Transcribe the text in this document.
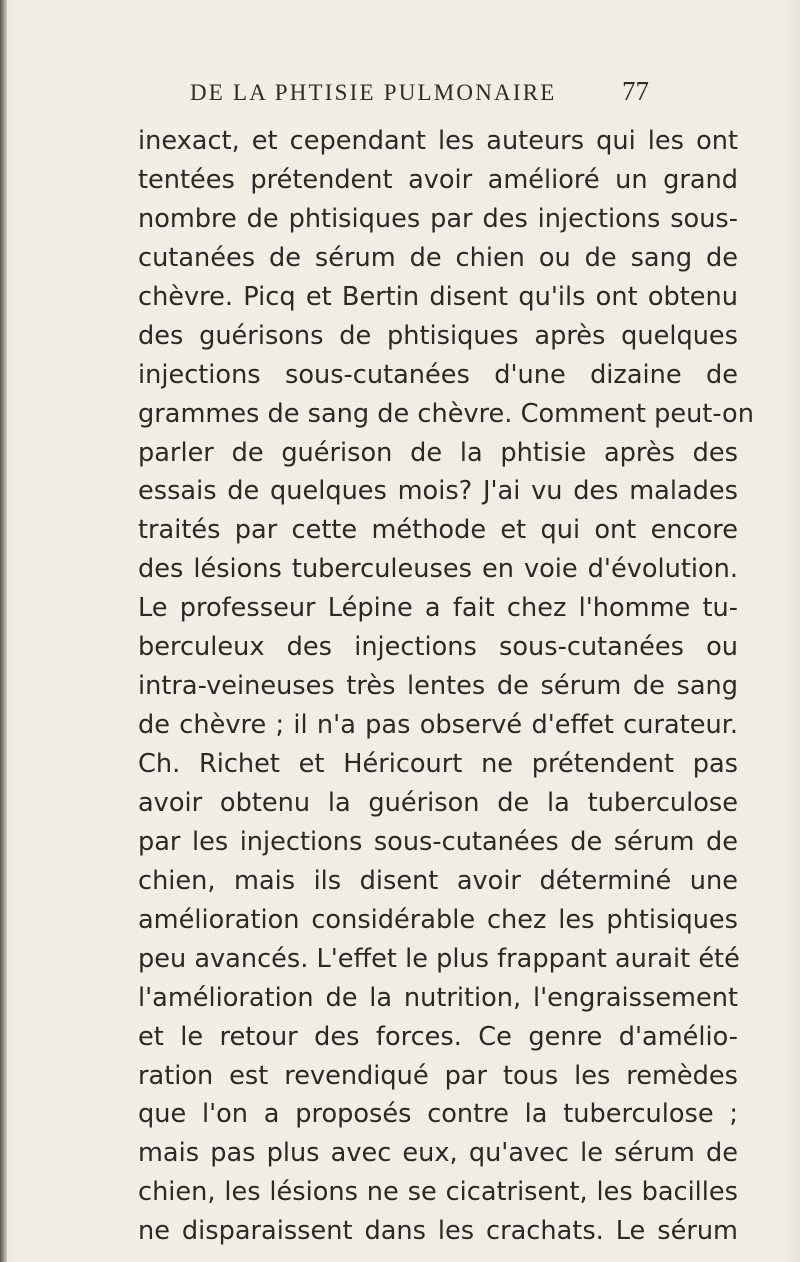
DE LA PHTISIE PULMONAIRE 77
inexact, et cependant les auteurs qui les ont
tentées prétendent avoir amélioré un grand
nombre de phtisiques par des injections sous-
cutanées de sérum de chien ou de sang de
chèvre. Picq et Bertin disent qu'ils ont obtenu
des guérisons de phtisiques après quelques
injections sous-cutanées d'une dizaine de
grammes de sang de chèvre. Comment peut-on
parler de guérison de la phtisie après des
essais de quelques mois? J'ai vu des malades
traités par cette méthode et qui ont encore
des lésions tuberculeuses en voie d'évolution.
Le professeur Lépine a fait chez l'homme tu-
berculeux des injections sous-cutanées ou
intra-veineuses très lentes de sérum de sang
de chèvre ; il n'a pas observé d'effet curateur.
Ch. Richet et Héricourt ne prétendent pas
avoir obtenu la guérison de la tuberculose
par les injections sous-cutanées de sérum de
chien, mais ils disent avoir déterminé une
amélioration considérable chez les phtisiques
peu avancés. L'effet le plus frappant aurait été
l'amélioration de la nutrition, l'engraissement
et le retour des forces. Ce genre d'amélio-
ration est revendiqué par tous les remèdes
que l'on a proposés contre la tuberculose ;
mais pas plus avec eux, qu'avec le sérum de
chien, les lésions ne se cicatrisent, les bacilles
ne disparaissent dans les crachats. Le sérum
